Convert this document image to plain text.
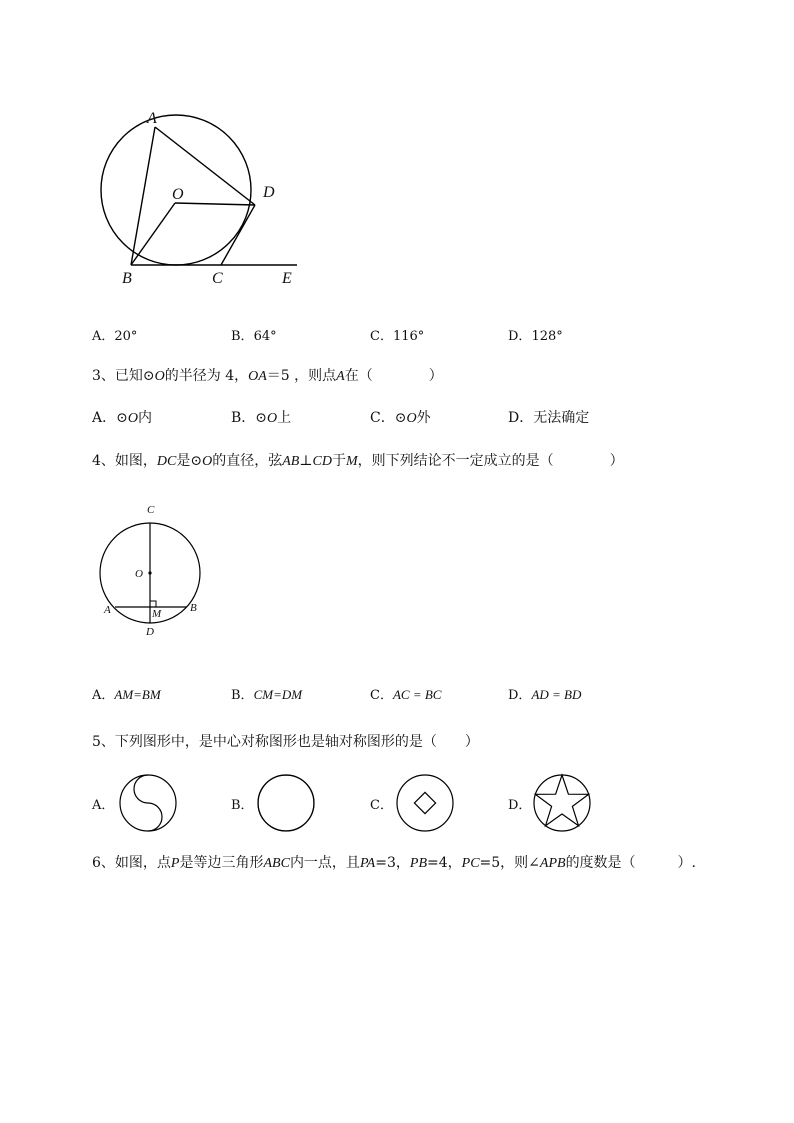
A
O	D
B	C	E
A．20°	B．64°	C．116°	D．128°
3、已知⊙O的半径为 4，OA＝5 ，则点A在（　　　　）
A．⊙O内	B．⊙O上	C．⊙O外	D．无法确定
4、如图，DC是⊙O的直径，弦AB⊥CD于M，则下列结论不一定成立的是（　　　　）
C
O
A	M	B
D
A．AM=BM	B．CM=DM	C．AC = BC	D．AD = BD
5、下列图形中，是中心对称图形也是轴对称图形的是（　　）
A．	B．	C．	D．
6、如图，点P是等边三角形ABC内一点，且PA=3，PB=4，PC=5，则∠APB的度数是（　　　）.
